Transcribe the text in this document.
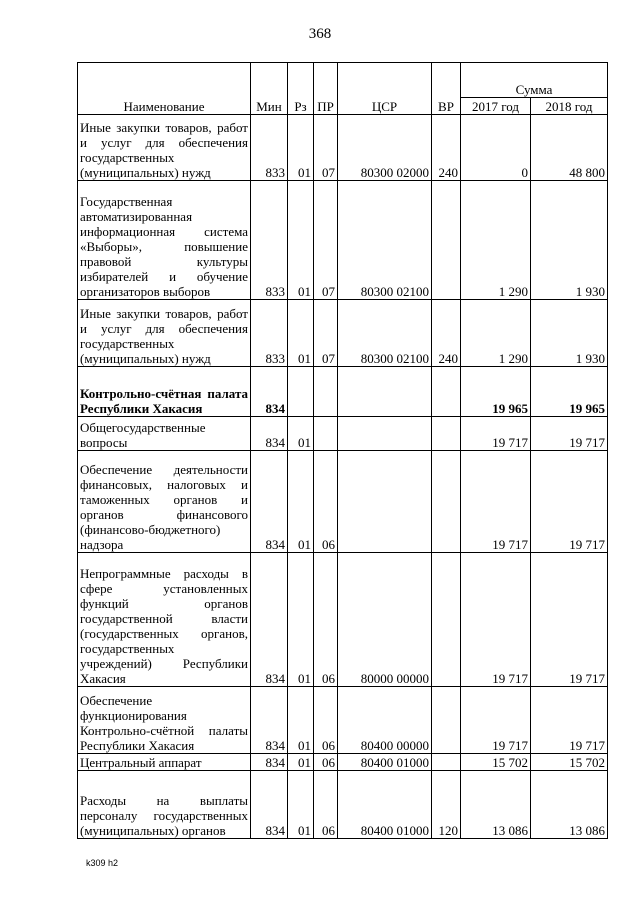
368
Наименование	Мин	Рз	ПР	ЦСР	ВР	Сумма	
						2017 год	2018 год
Иные закупки товаров, работ и услуг для обеспечения государственных (муниципальных) нужд	833	01	07	80300 02000	240	0	48 800
Государственная автоматизированная информационная система «Выборы», повышение правовой культуры избирателей и обучение организаторов выборов	833	01	07	80300 02100		1 290	1 930
Иные закупки товаров, работ и услуг для обеспечения государственных (муниципальных) нужд	833	01	07	80300 02100	240	1 290	1 930
Контрольно-счётная палата Республики Хакасия	834					19 965	19 965
Общегосударственные вопросы	834	01				19 717	19 717
Обеспечение деятельности финансовых, налоговых и таможенных органов и органов финансового (финансово-бюджетного) надзора	834	01	06			19 717	19 717
Непрограммные расходы в сфере установленных функций органов государственной власти (государственных органов, государственных учреждений) Республики Хакасия	834	01	06	80000 00000		19 717	19 717
Обеспечение функционирования Контрольно-счётной палаты Республики Хакасия	834	01	06	80400 00000		19 717	19 717
Центральный аппарат	834	01	06	80400 01000		15 702	15 702
Расходы на выплаты персоналу государственных (муниципальных) органов	834	01	06	80400 01000	120	13 086	13 086
k309 h2
